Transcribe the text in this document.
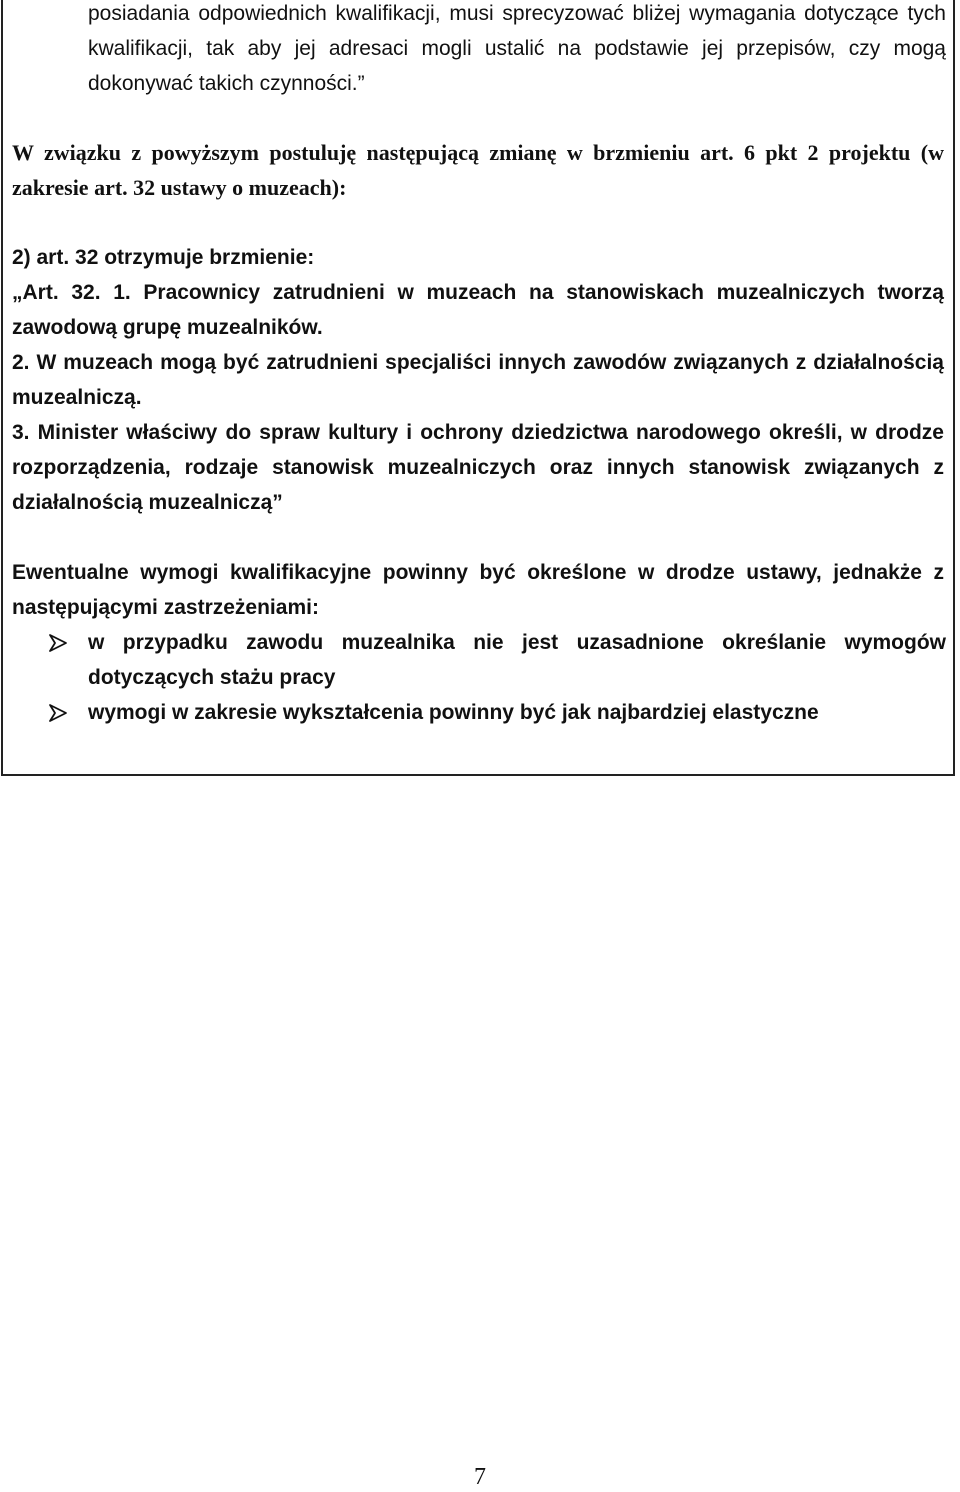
posiadania odpowiednich kwalifikacji, musi sprecyzować bliżej wymagania dotyczące tych kwalifikacji, tak aby jej adresaci mogli ustalić na podstawie jej przepisów, czy mogą dokonywać takich czynności.”

W związku z powyższym postuluję następującą zmianę w brzmieniu art. 6 pkt 2 projektu (w zakresie art. 32 ustawy o muzeach):

2) art. 32 otrzymuje brzmienie:

„Art. 32. 1. Pracownicy zatrudnieni w muzeach na stanowiskach muzealniczych tworzą zawodową grupę muzealników.

2. W muzeach mogą być zatrudnieni specjaliści innych zawodów związanych z działalnością muzealniczą.

3. Minister właściwy do spraw kultury i ochrony dziedzictwa narodowego określi, w drodze rozporządzenia, rodzaje stanowisk muzealniczych oraz innych stanowisk związanych z działalnością muzealniczą”

Ewentualne wymogi kwalifikacyjne powinny być określone w drodze ustawy, jednakże z następującymi zastrzeżeniami:

w przypadku zawodu muzealnika nie jest uzasadnione określanie wymogów dotyczących stażu pracy
wymogi w zakresie wykształcenia powinny być jak najbardziej elastyczne
7
